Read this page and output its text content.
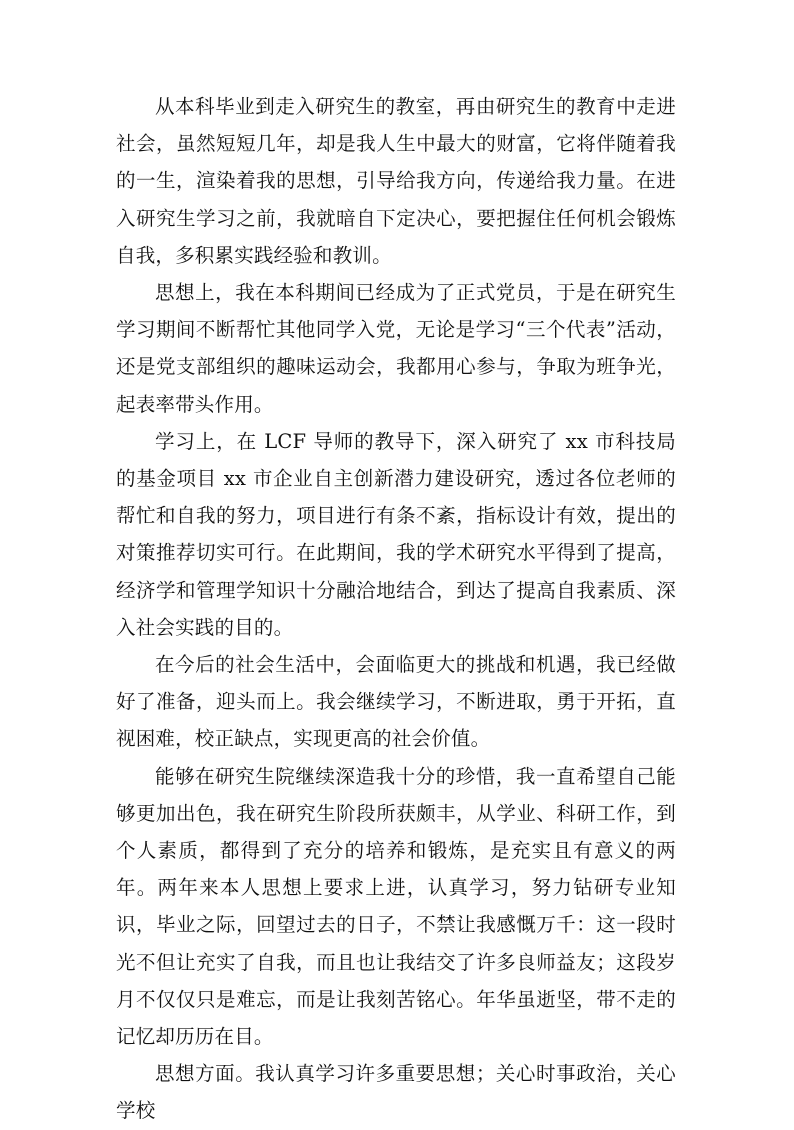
从本科毕业到走入研究生的教室，再由研究生的教育中走进社会，虽然短短几年，却是我人生中最大的财富，它将伴随着我的一生，渲染着我的思想，引导给我方向，传递给我力量。在进入研究生学习之前，我就暗自下定决心，要把握住任何机会锻炼自我，多积累实践经验和教训。

思想上，我在本科期间已经成为了正式党员，于是在研究生学习期间不断帮忙其他同学入党，无论是学习“三个代表”活动，还是党支部组织的趣味运动会，我都用心参与，争取为班争光，起表率带头作用。

学习上，在 LCF 导师的教导下，深入研究了 xx 市科技局的基金项目 xx 市企业自主创新潜力建设研究，透过各位老师的帮忙和自我的努力，项目进行有条不紊，指标设计有效，提出的对策推荐切实可行。在此期间，我的学术研究水平得到了提高，经济学和管理学知识十分融洽地结合，到达了提高自我素质、深入社会实践的目的。

在今后的社会生活中，会面临更大的挑战和机遇，我已经做好了准备，迎头而上。我会继续学习，不断进取，勇于开拓，直视困难，校正缺点，实现更高的社会价值。

能够在研究生院继续深造我十分的珍惜，我一直希望自己能够更加出色，我在研究生阶段所获颇丰，从学业、科研工作，到个人素质，都得到了充分的培养和锻炼，是充实且有意义的两年。两年来本人思想上要求上进，认真学习，努力钻研专业知识，毕业之际，回望过去的日子，不禁让我感慨万千：这一段时光不但让充实了自我，而且也让我结交了许多良师益友；这段岁月不仅仅只是难忘，而是让我刻苦铭心。年华虽逝坚，带不走的记忆却历历在目。

思想方面。我认真学习许多重要思想；关心时事政治，关心学校
